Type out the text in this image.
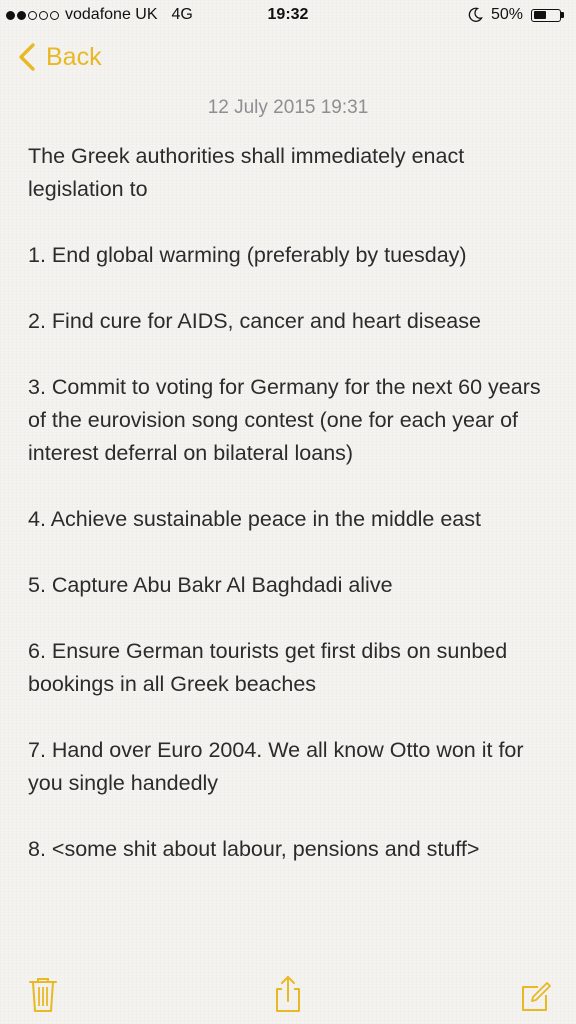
vodafone UK 4G	19:32	50%
Back
12 July 2015 19:31
The Greek authorities shall immediately enact legislation to

1. End global warming (preferably by tuesday)

2. Find cure for AIDS, cancer and heart disease

3. Commit to voting for Germany for the next 60 years of the eurovision song contest (one for each year of interest deferral on bilateral loans)

4. Achieve sustainable peace in the middle east

5. Capture Abu Bakr Al Baghdadi alive

6. Ensure German tourists get first dibs on sunbed bookings in all Greek beaches

7. Hand over Euro 2004. We all know Otto won it for you single handedly

8. <some shit about labour, pensions and stuff>
